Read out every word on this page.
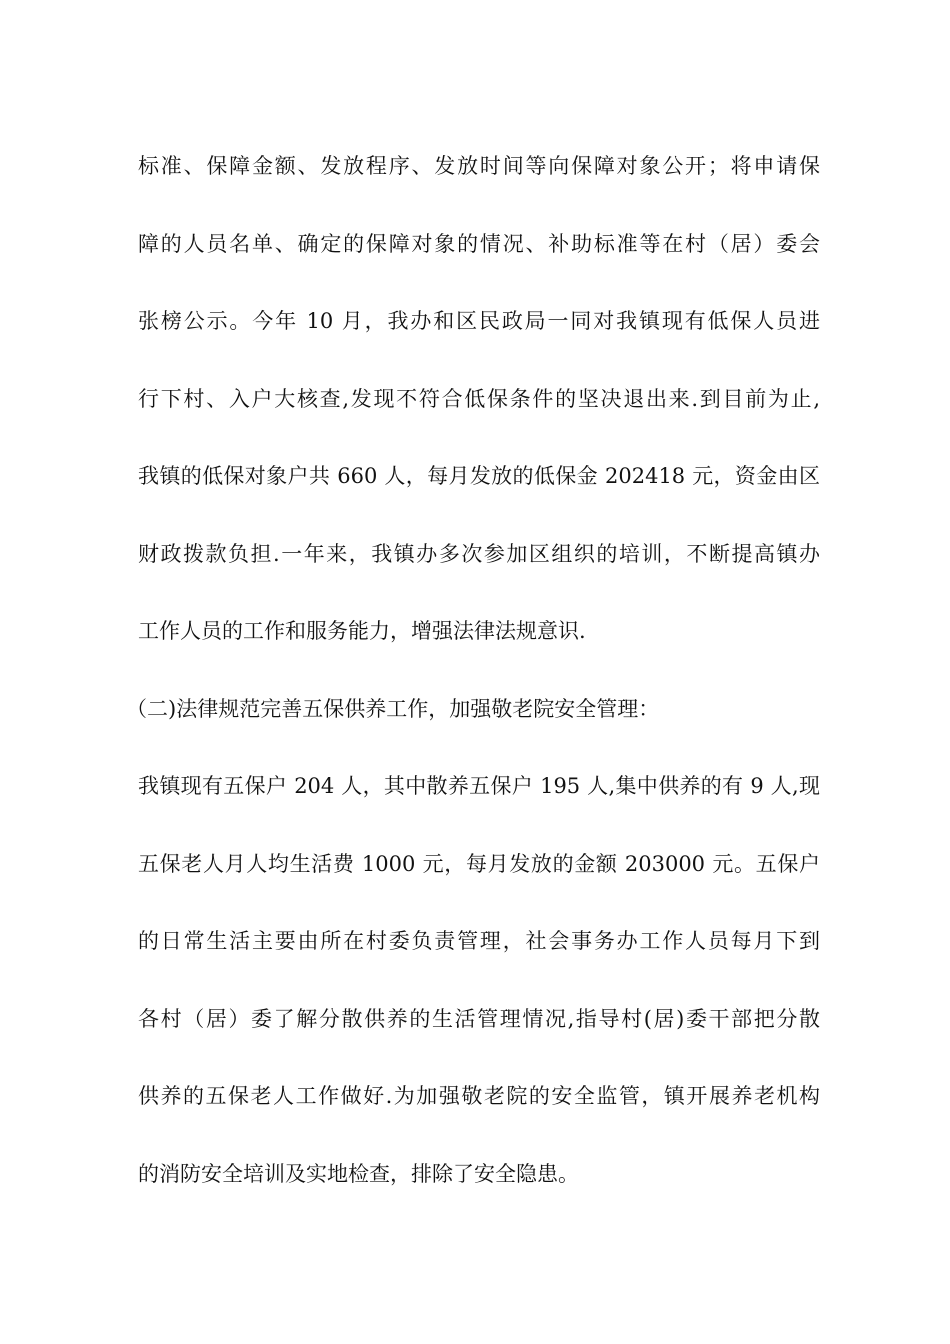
标准、保障金额、发放程序、发放时间等向保障对象公开；将申请保
障的人员名单、确定的保障对象的情况、补助标准等在村（居）委会
张榜公示。今年 10 月，我办和区民政局一同对我镇现有低保人员进
行下村、入户大核查,发现不符合低保条件的坚决退出来.到目前为止,
我镇的低保对象户共 660 人，每月发放的低保金 202418 元，资金由区
财政拨款负担.一年来，我镇办多次参加区组织的培训，不断提高镇办
工作人员的工作和服务能力，增强法律法规意识.
（二)法律规范完善五保供养工作，加强敬老院安全管理：
我镇现有五保户 204 人，其中散养五保户 195 人,集中供养的有 9 人,现
五保老人月人均生活费 1000 元，每月发放的金额 203000 元。五保户
的日常生活主要由所在村委负责管理，社会事务办工作人员每月下到
各村（居）委了解分散供养的生活管理情况,指导村(居)委干部把分散
供养的五保老人工作做好.为加强敬老院的安全监管，镇开展养老机构
的消防安全培训及实地检查，排除了安全隐患。
